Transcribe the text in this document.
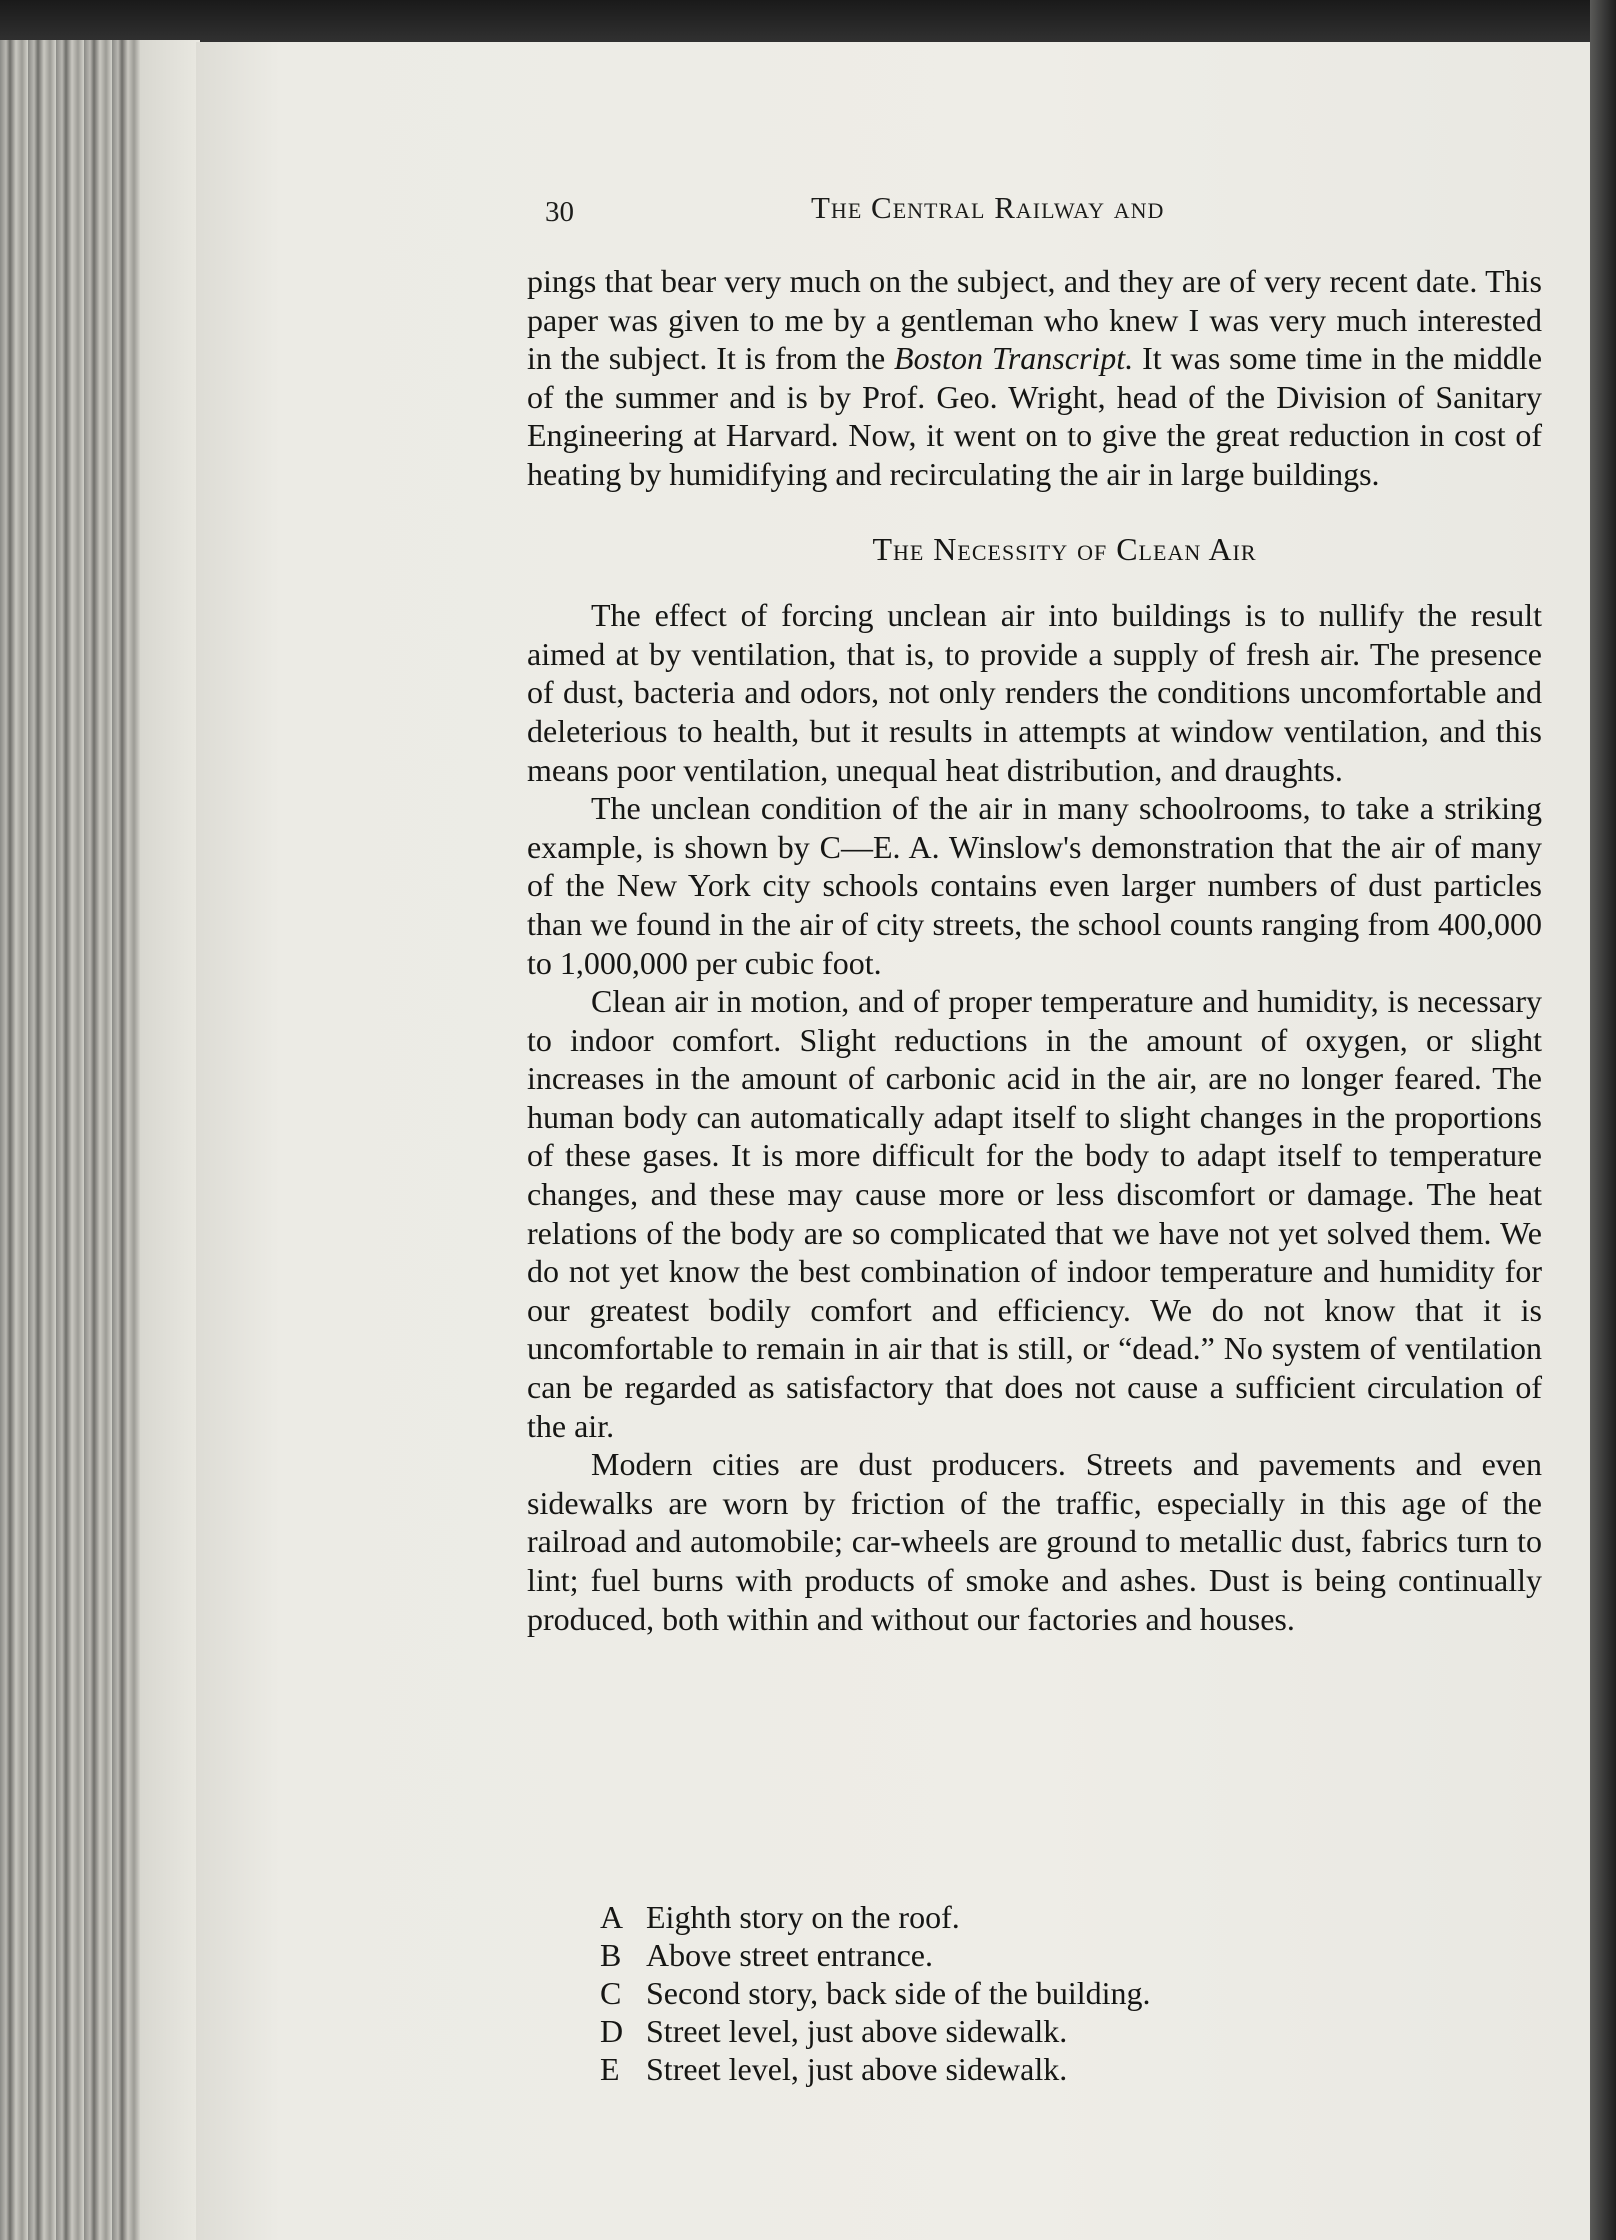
30	The Central Railway and

pings that bear very much on the subject, and they are of very recent date. This paper was given to me by a gentleman who knew I was very much interested in the subject. It is from the Boston Transcript. It was some time in the middle of the summer and is by Prof. Geo. Wright, head of the Division of Sanitary Engineering at Harvard. Now, it went on to give the great reduction in cost of heating by humidifying and recirculating the air in large buildings.

The Necessity of Clean Air

The effect of forcing unclean air into buildings is to nullify the result aimed at by ventilation, that is, to provide a supply of fresh air. The presence of dust, bacteria and odors, not only renders the conditions uncomfortable and deleterious to health, but it results in attempts at window ventilation, and this means poor ventilation, unequal heat distribution, and draughts.

The unclean condition of the air in many schoolrooms, to take a striking example, is shown by C—E. A. Winslow's demonstration that the air of many of the New York city schools contains even larger numbers of dust particles than we found in the air of city streets, the school counts ranging from 400,000 to 1,000,000 per cubic foot.

Clean air in motion, and of proper temperature and humidity, is necessary to indoor comfort. Slight reductions in the amount of oxygen, or slight increases in the amount of carbonic acid in the air, are no longer feared. The human body can automatically adapt itself to slight changes in the proportions of these gases. It is more difficult for the body to adapt itself to temperature changes, and these may cause more or less discomfort or damage. The heat relations of the body are so complicated that we have not yet solved them. We do not yet know the best combination of indoor temperature and humidity for our greatest bodily comfort and efficiency. We do not know that it is uncomfortable to remain in air that is still, or “dead.” No system of ventilation can be regarded as satisfactory that does not cause a sufficient circulation of the air.

Modern cities are dust producers. Streets and pavements and even sidewalks are worn by friction of the traffic, especially in this age of the railroad and automobile; car-wheels are ground to metallic dust, fabrics turn to lint; fuel burns with products of smoke and ashes. Dust is being continually produced, both within and without our factories and houses.

A Eighth story on the roof.
B Above street entrance.
C Second story, back side of the building.
D Street level, just above sidewalk.
E Street level, just above sidewalk.
